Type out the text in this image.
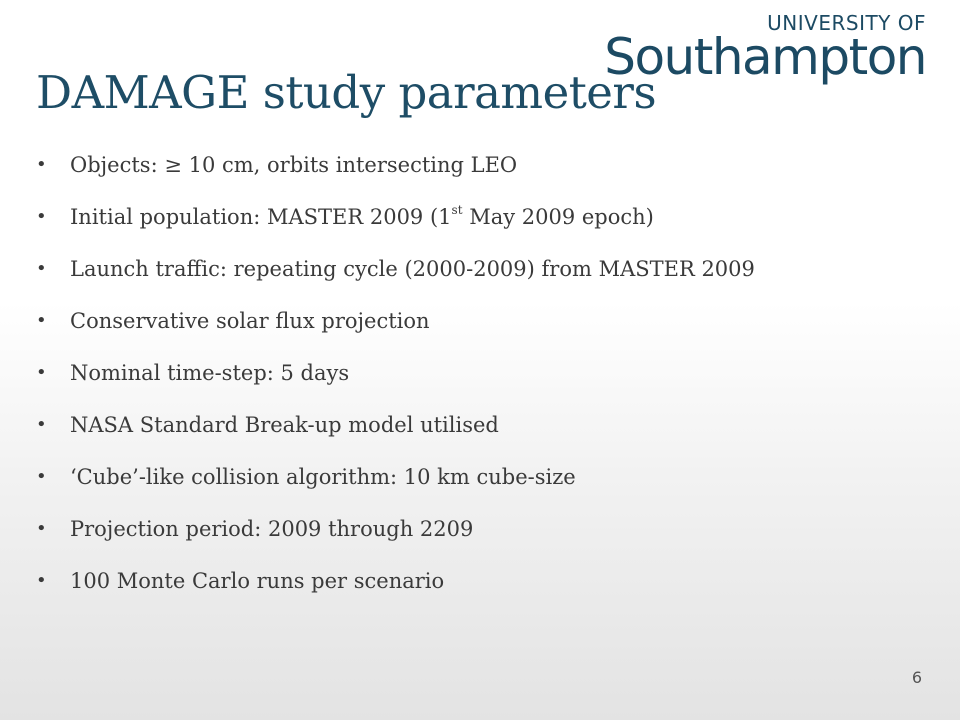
UNIVERSITY OF
Southampton
DAMAGE study parameters
• Objects: ≥ 10 cm, orbits intersecting LEO
• Initial population: MASTER 2009 (1st May 2009 epoch)
• Launch traffic: repeating cycle (2000-2009) from MASTER 2009
• Conservative solar flux projection
• Nominal time-step: 5 days
• NASA Standard Break-up model utilised
• ‘Cube’-like collision algorithm: 10 km cube-size
• Projection period: 2009 through 2209
• 100 Monte Carlo runs per scenario
6
